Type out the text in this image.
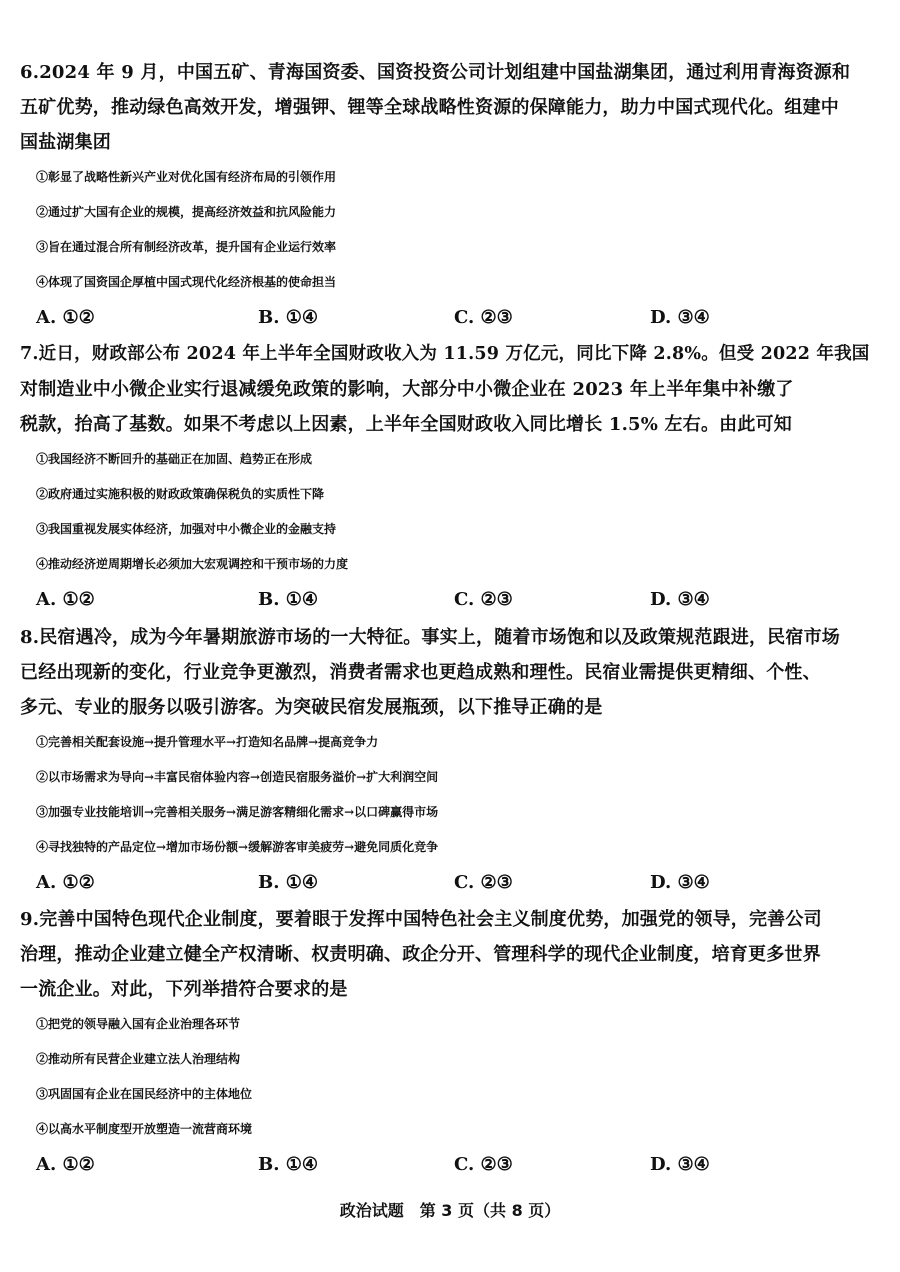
6.2024 年 9 月，中国五矿、青海国资委、国资投资公司计划组建中国盐湖集团，通过利用青海资源和
五矿优势，推动绿色高效开发，增强钾、锂等全球战略性资源的保障能力，助力中国式现代化。组建中
国盐湖集团
①彰显了战略性新兴产业对优化国有经济布局的引领作用
②通过扩大国有企业的规模，提高经济效益和抗风险能力
③旨在通过混合所有制经济改革，提升国有企业运行效率
④体现了国资国企厚植中国式现代化经济根基的使命担当
A. ①②	B. ①④	C. ②③	D. ③④
7.近日，财政部公布 2024 年上半年全国财政收入为 11.59 万亿元，同比下降 2.8%。但受 2022 年我国
对制造业中小微企业实行退减缓免政策的影响，大部分中小微企业在 2023 年上半年集中补缴了
税款，抬高了基数。如果不考虑以上因素，上半年全国财政收入同比增长 1.5% 左右。由此可知
①我国经济不断回升的基础正在加固、趋势正在形成
②政府通过实施积极的财政政策确保税负的实质性下降
③我国重视发展实体经济，加强对中小微企业的金融支持
④推动经济逆周期增长必须加大宏观调控和干预市场的力度
A. ①②	B. ①④	C. ②③	D. ③④
8.民宿遇冷，成为今年暑期旅游市场的一大特征。事实上，随着市场饱和以及政策规范跟进，民宿市场
已经出现新的变化，行业竞争更激烈，消费者需求也更趋成熟和理性。民宿业需提供更精细、个性、
多元、专业的服务以吸引游客。为突破民宿发展瓶颈，以下推导正确的是
①完善相关配套设施→提升管理水平→打造知名品牌→提高竞争力
②以市场需求为导向→丰富民宿体验内容→创造民宿服务溢价→扩大利润空间
③加强专业技能培训→完善相关服务→满足游客精细化需求→以口碑赢得市场
④寻找独特的产品定位→增加市场份额→缓解游客审美疲劳→避免同质化竞争
A. ①②	B. ①④	C. ②③	D. ③④
9.完善中国特色现代企业制度，要着眼于发挥中国特色社会主义制度优势，加强党的领导，完善公司
治理，推动企业建立健全产权清晰、权责明确、政企分开、管理科学的现代企业制度，培育更多世界
一流企业。对此，下列举措符合要求的是
①把党的领导融入国有企业治理各环节
②推动所有民营企业建立法人治理结构
③巩固国有企业在国民经济中的主体地位
④以高水平制度型开放塑造一流营商环境
A. ①②	B. ①④	C. ②③	D. ③④
政治试题　第 3 页（共 8 页）
